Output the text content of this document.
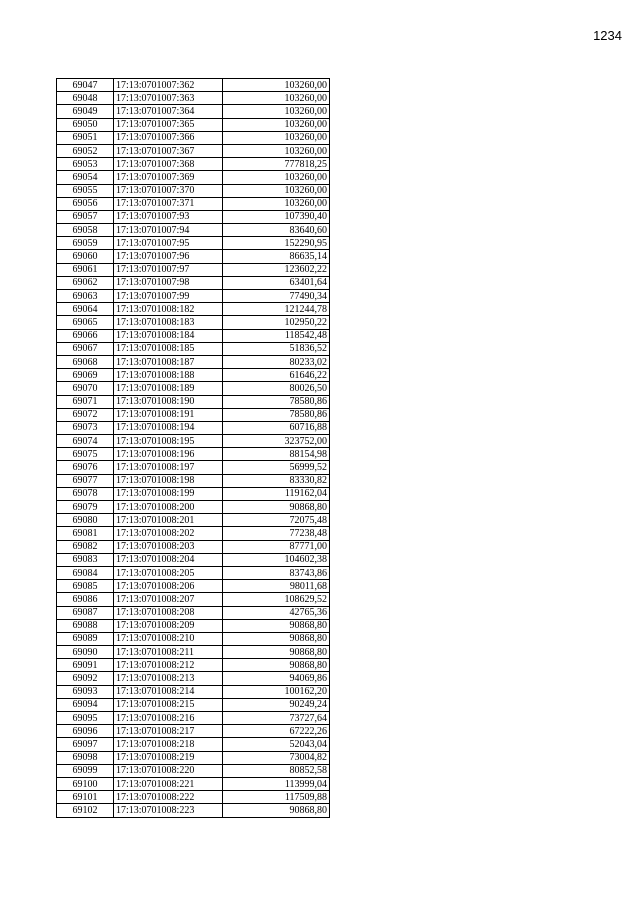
1234
69047	17:13:0701007:362	103260,00
69048	17:13:0701007:363	103260,00
69049	17:13:0701007:364	103260,00
69050	17:13:0701007:365	103260,00
69051	17:13:0701007:366	103260,00
69052	17:13:0701007:367	103260,00
69053	17:13:0701007:368	777818,25
69054	17:13:0701007:369	103260,00
69055	17:13:0701007:370	103260,00
69056	17:13:0701007:371	103260,00
69057	17:13:0701007:93	107390,40
69058	17:13:0701007:94	83640,60
69059	17:13:0701007:95	152290,95
69060	17:13:0701007:96	86635,14
69061	17:13:0701007:97	123602,22
69062	17:13:0701007:98	63401,64
69063	17:13:0701007:99	77490,34
69064	17:13:0701008:182	121244,78
69065	17:13:0701008:183	102950,22
69066	17:13:0701008:184	118542,48
69067	17:13:0701008:185	51836,52
69068	17:13:0701008:187	80233,02
69069	17:13:0701008:188	61646,22
69070	17:13:0701008:189	80026,50
69071	17:13:0701008:190	78580,86
69072	17:13:0701008:191	78580,86
69073	17:13:0701008:194	60716,88
69074	17:13:0701008:195	323752,00
69075	17:13:0701008:196	88154,98
69076	17:13:0701008:197	56999,52
69077	17:13:0701008:198	83330,82
69078	17:13:0701008:199	119162,04
69079	17:13:0701008:200	90868,80
69080	17:13:0701008:201	72075,48
69081	17:13:0701008:202	77238,48
69082	17:13:0701008:203	87771,00
69083	17:13:0701008:204	104602,38
69084	17:13:0701008:205	83743,86
69085	17:13:0701008:206	98011,68
69086	17:13:0701008:207	108629,52
69087	17:13:0701008:208	42765,36
69088	17:13:0701008:209	90868,80
69089	17:13:0701008:210	90868,80
69090	17:13:0701008:211	90868,80
69091	17:13:0701008:212	90868,80
69092	17:13:0701008:213	94069,86
69093	17:13:0701008:214	100162,20
69094	17:13:0701008:215	90249,24
69095	17:13:0701008:216	73727,64
69096	17:13:0701008:217	67222,26
69097	17:13:0701008:218	52043,04
69098	17:13:0701008:219	73004,82
69099	17:13:0701008:220	80852,58
69100	17:13:0701008:221	113999,04
69101	17:13:0701008:222	117509,88
69102	17:13:0701008:223	90868,80
